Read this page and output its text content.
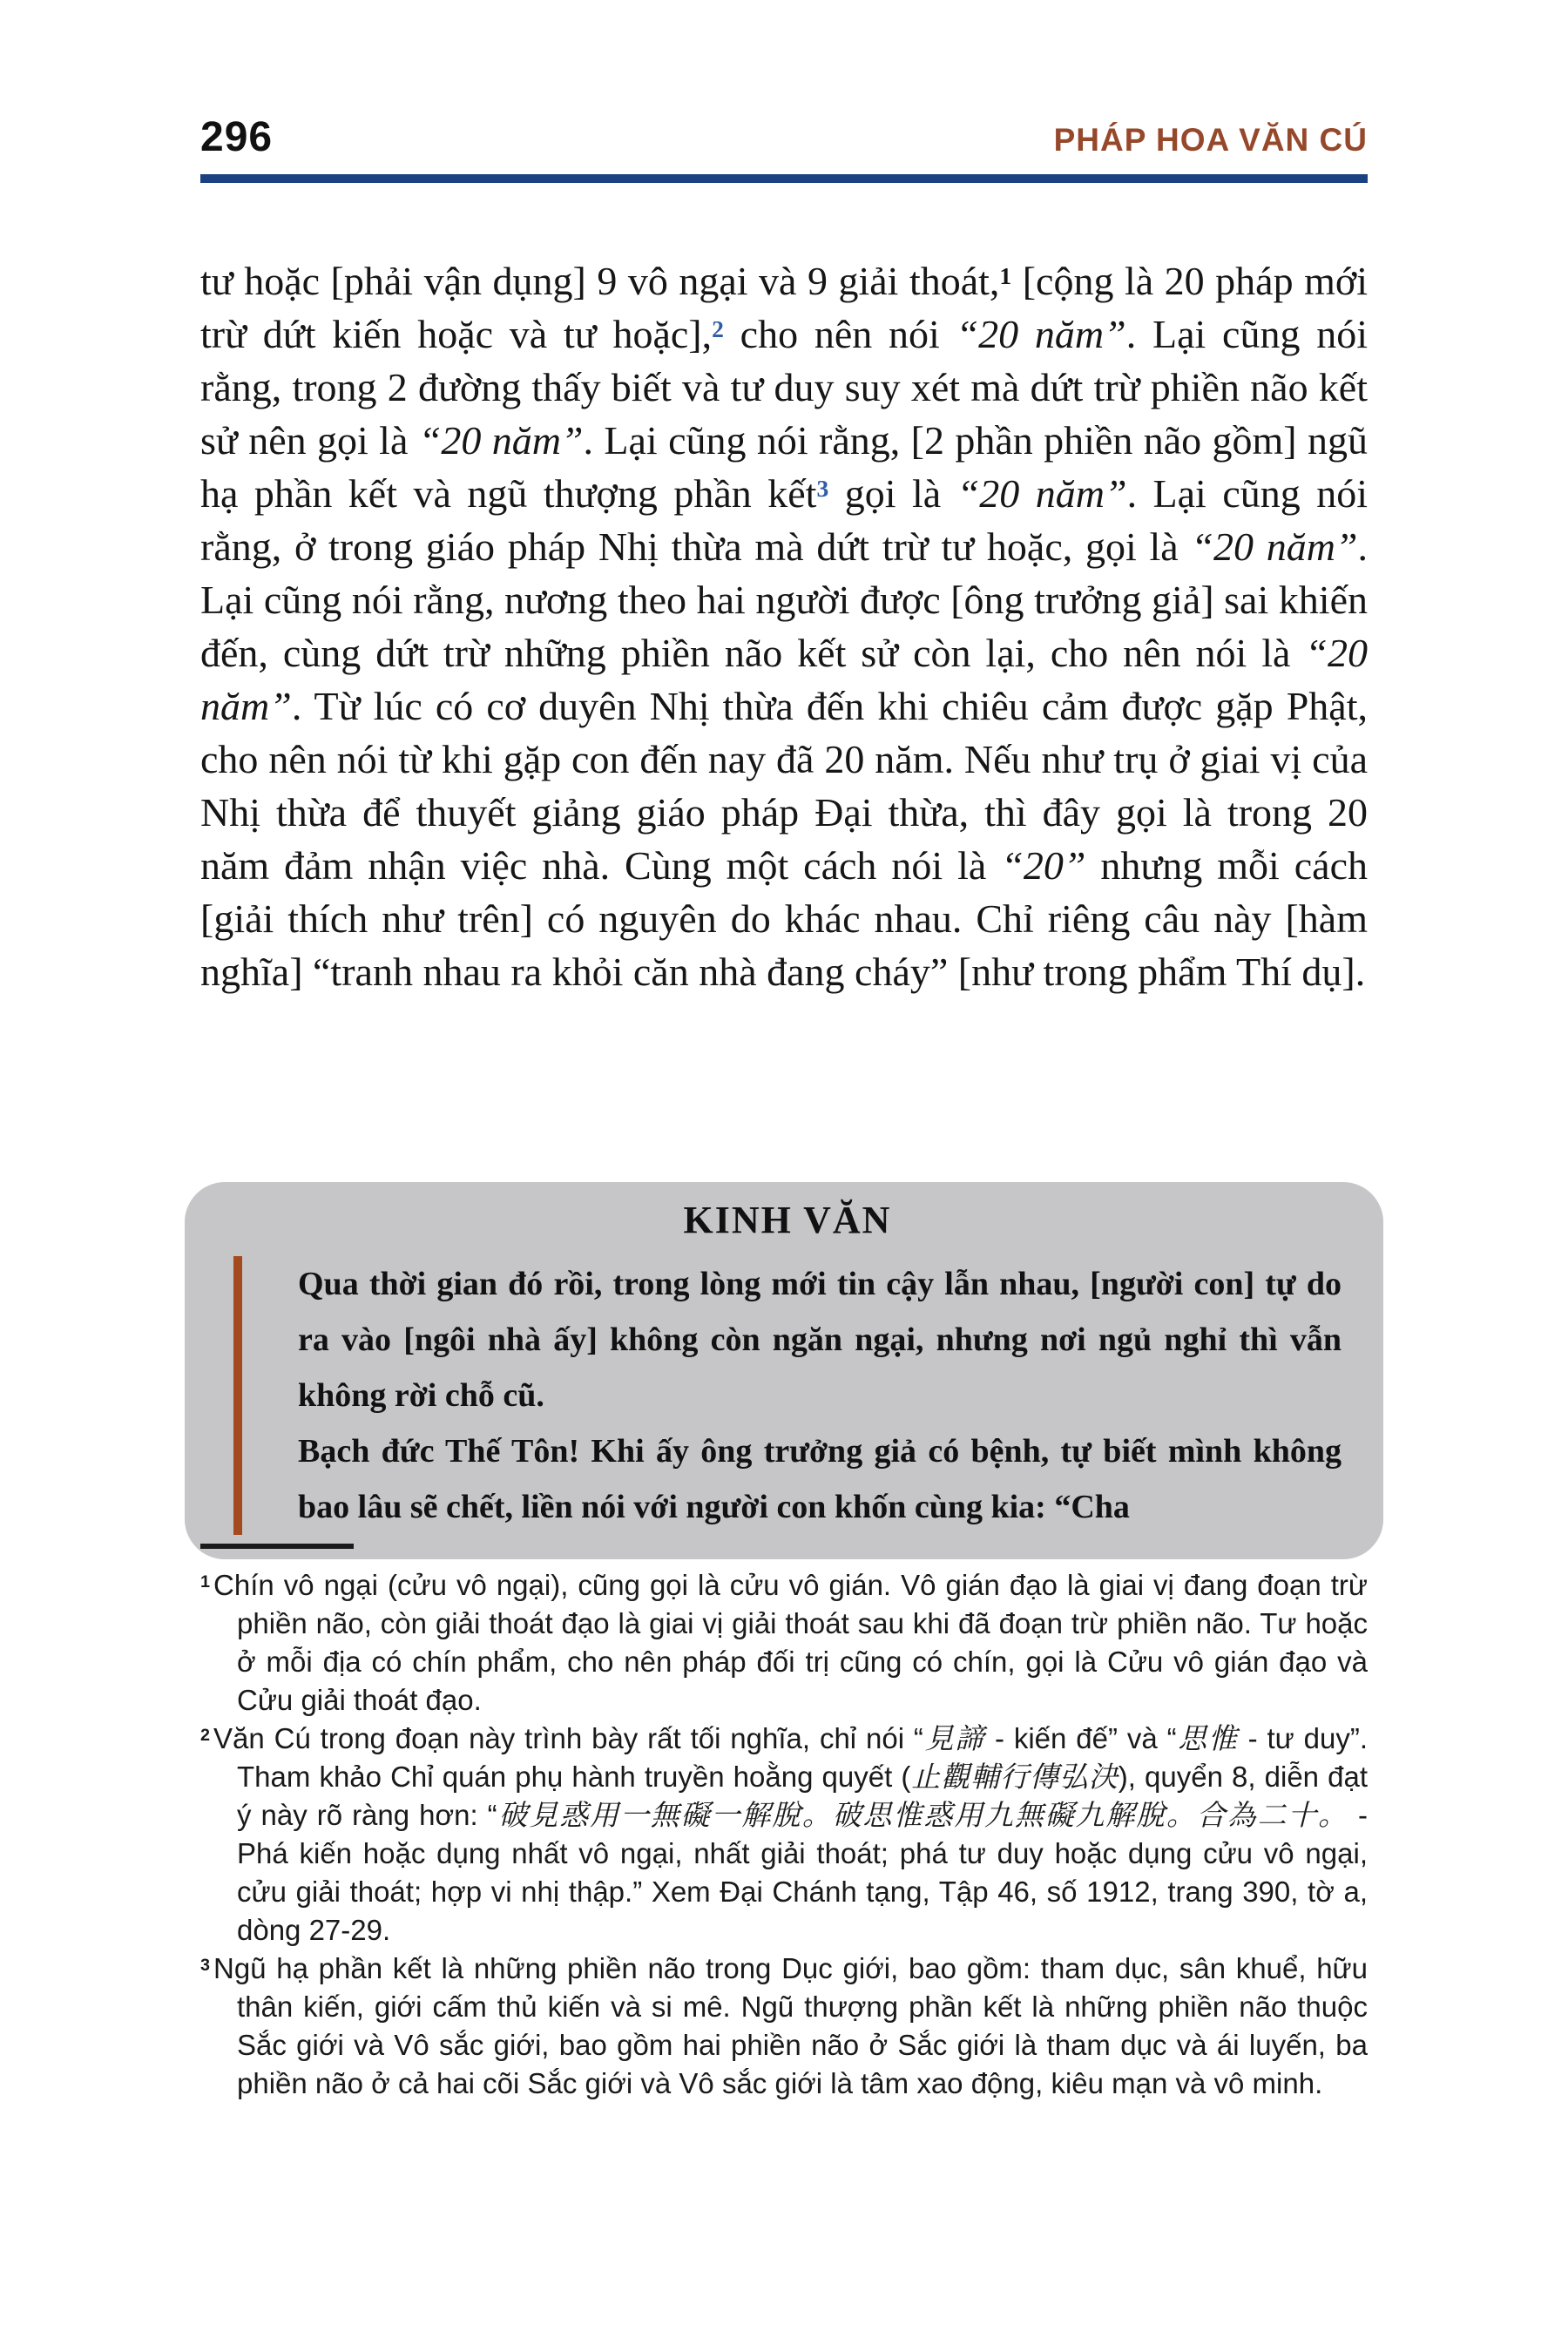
296	PHÁP HOA VĂN CÚ
tư hoặc [phải vận dụng] 9 vô ngại và 9 giải thoát,$^1$ [cộng là 20 pháp mới trừ dứt kiến hoặc và tư hoặc],$^2$ cho nên nói “20 năm”. Lại cũng nói rằng, trong 2 đường thấy biết và tư duy suy xét mà dứt trừ phiền não kết sử nên gọi là “20 năm”. Lại cũng nói rằng, [2 phần phiền não gồm] ngũ hạ phần kết và ngũ thượng phần kết$^3$ gọi là “20 năm”. Lại cũng nói rằng, ở trong giáo pháp Nhị thừa mà dứt trừ tư hoặc, gọi là “20 năm”. Lại cũng nói rằng, nương theo hai người được [ông trưởng giả] sai khiến đến, cùng dứt trừ những phiền não kết sử còn lại, cho nên nói là “20 năm”. Từ lúc có cơ duyên Nhị thừa đến khi chiêu cảm được gặp Phật, cho nên nói từ khi gặp con đến nay đã 20 năm. Nếu như trụ ở giai vị của Nhị thừa để thuyết giảng giáo pháp Đại thừa, thì đây gọi là trong 20 năm đảm nhận việc nhà. Cùng một cách nói là “20” nhưng mỗi cách [giải thích như trên] có nguyên do khác nhau. Chỉ riêng câu này [hàm nghĩa] “tranh nhau ra khỏi căn nhà đang cháy” [như trong phẩm Thí dụ].
KINH VĂN

Qua thời gian đó rồi, trong lòng mới tin cậy lẫn nhau, [người con] tự do ra vào [ngôi nhà ấy] không còn ngăn ngại, nhưng nơi ngủ nghỉ thì vẫn không rời chỗ cũ.

Bạch đức Thế Tôn! Khi ấy ông trưởng giả có bệnh, tự biết mình không bao lâu sẽ chết, liền nói với người con khốn cùng kia: “Cha

$^1$ Chín vô ngại (cửu vô ngại), cũng gọi là cửu vô gián. Vô gián đạo là giai vị đang đoạn trừ phiền não, còn giải thoát đạo là giai vị giải thoát sau khi đã đoạn trừ phiền não. Tư hoặc ở mỗi địa có chín phẩm, cho nên pháp đối trị cũng có chín, gọi là Cửu vô gián đạo và Cửu giải thoát đạo.
$^2$ Văn Cú trong đoạn này trình bày rất tối nghĩa, chỉ nói “見諦 - kiến đế” và “思惟 - tư duy”. Tham khảo Chỉ quán phụ hành truyền hoằng quyết (止觀輔行傳弘決), quyển 8, diễn đạt ý này rõ ràng hơn: “破見惑用一無礙一解脫。破思惟惑用九無礙九解脫。合為二十。 - Phá kiến hoặc dụng nhất vô ngại, nhất giải thoát; phá tư duy hoặc dụng cửu vô ngại, cửu giải thoát; hợp vi nhị thập.” Xem Đại Chánh tạng, Tập 46, số 1912, trang 390, tờ a, dòng 27-29.
$^3$ Ngũ hạ phần kết là những phiền não trong Dục giới, bao gồm: tham dục, sân khuể, hữu thân kiến, giới cấm thủ kiến và si mê. Ngũ thượng phần kết là những phiền não thuộc Sắc giới và Vô sắc giới, bao gồm hai phiền não ở Sắc giới là tham dục và ái luyến, ba phiền não ở cả hai cõi Sắc giới và Vô sắc giới là tâm xao động, kiêu mạn và vô minh.
